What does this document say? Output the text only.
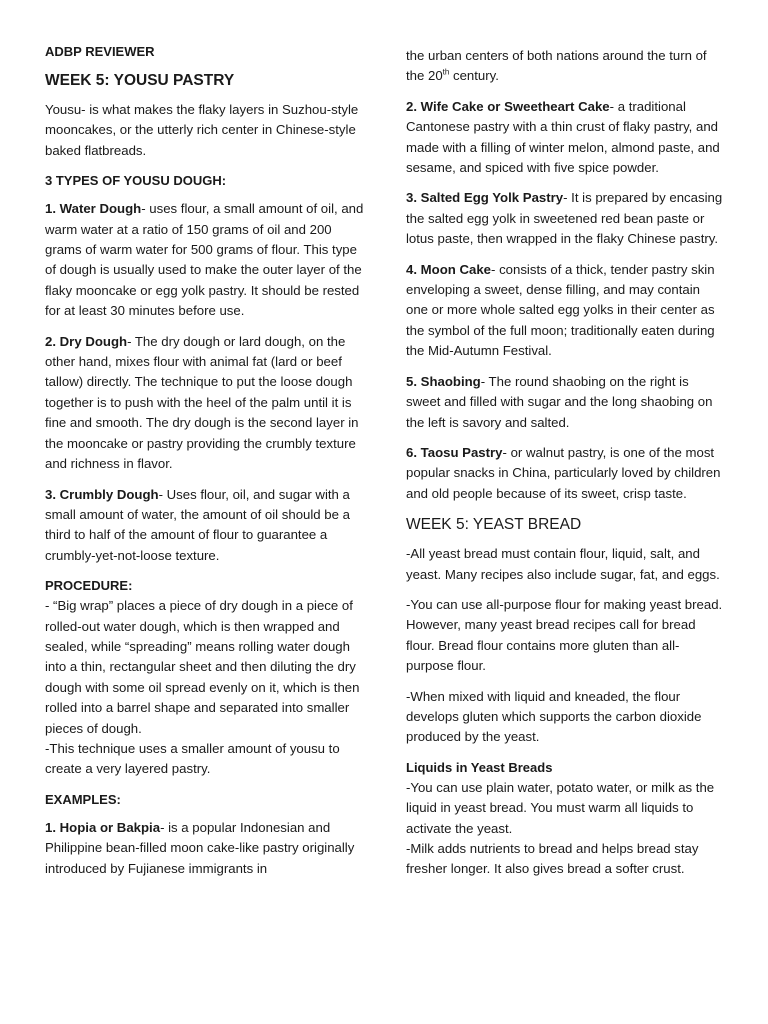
ADBP REVIEWER
WEEK 5: YOUSU PASTRY

Yousu- is what makes the flaky layers in Suzhou-style mooncakes, or the utterly rich center in Chinese-style baked flatbreads.

3 TYPES OF YOUSU DOUGH:

1. Water Dough- uses flour, a small amount of oil, and warm water at a ratio of 150 grams of oil and 200 grams of warm water for 500 grams of flour. This type of dough is usually used to make the outer layer of the flaky mooncake or egg yolk pastry. It should be rested for at least 30 minutes before use.

2. Dry Dough- The dry dough or lard dough, on the other hand, mixes flour with animal fat (lard or beef tallow) directly. The technique to put the loose dough together is to push with the heel of the palm until it is fine and smooth. The dry dough is the second layer in the mooncake or pastry providing the crumbly texture and richness in flavor.

3. Crumbly Dough- Uses flour, oil, and sugar with a small amount of water, the amount of oil should be a third to half of the amount of flour to guarantee a crumbly-yet-not-loose texture.

PROCEDURE:

- “Big wrap” places a piece of dry dough in a piece of rolled-out water dough, which is then wrapped and sealed, while “spreading” means rolling water dough into a thin, rectangular sheet and then diluting the dry dough with some oil spread evenly on it, which is then rolled into a barrel shape and separated into smaller pieces of dough.

-This technique uses a smaller amount of yousu to create a very layered pastry.

EXAMPLES:

1. Hopia or Bakpia- is a popular Indonesian and Philippine bean-filled moon cake-like pastry originally introduced by Fujianese immigrants in

the urban centers of both nations around the turn of the 20th century.

2. Wife Cake or Sweetheart Cake- a traditional Cantonese pastry with a thin crust of flaky pastry, and made with a filling of winter melon, almond paste, and sesame, and spiced with five spice powder.

3. Salted Egg Yolk Pastry- It is prepared by encasing the salted egg yolk in sweetened red bean paste or lotus paste, then wrapped in the flaky Chinese pastry.

4. Moon Cake- consists of a thick, tender pastry skin enveloping a sweet, dense filling, and may contain one or more whole salted egg yolks in their center as the symbol of the full moon; traditionally eaten during the Mid-Autumn Festival.

5. Shaobing- The round shaobing on the right is sweet and filled with sugar and the long shaobing on the left is savory and salted.

6. Taosu Pastry- or walnut pastry, is one of the most popular snacks in China, particularly loved by children and old people because of its sweet, crisp taste.

WEEK 5: YEAST BREAD

-All yeast bread must contain flour, liquid, salt, and yeast. Many recipes also include sugar, fat, and eggs.

-You can use all-purpose flour for making yeast bread. However, many yeast bread recipes call for bread flour. Bread flour contains more gluten than all-purpose flour.

-When mixed with liquid and kneaded, the flour develops gluten which supports the carbon dioxide produced by the yeast.

Liquids in Yeast Breads

-You can use plain water, potato water, or milk as the liquid in yeast bread. You must warm all liquids to activate the yeast.

-Milk adds nutrients to bread and helps bread stay fresher longer. It also gives bread a softer crust.
